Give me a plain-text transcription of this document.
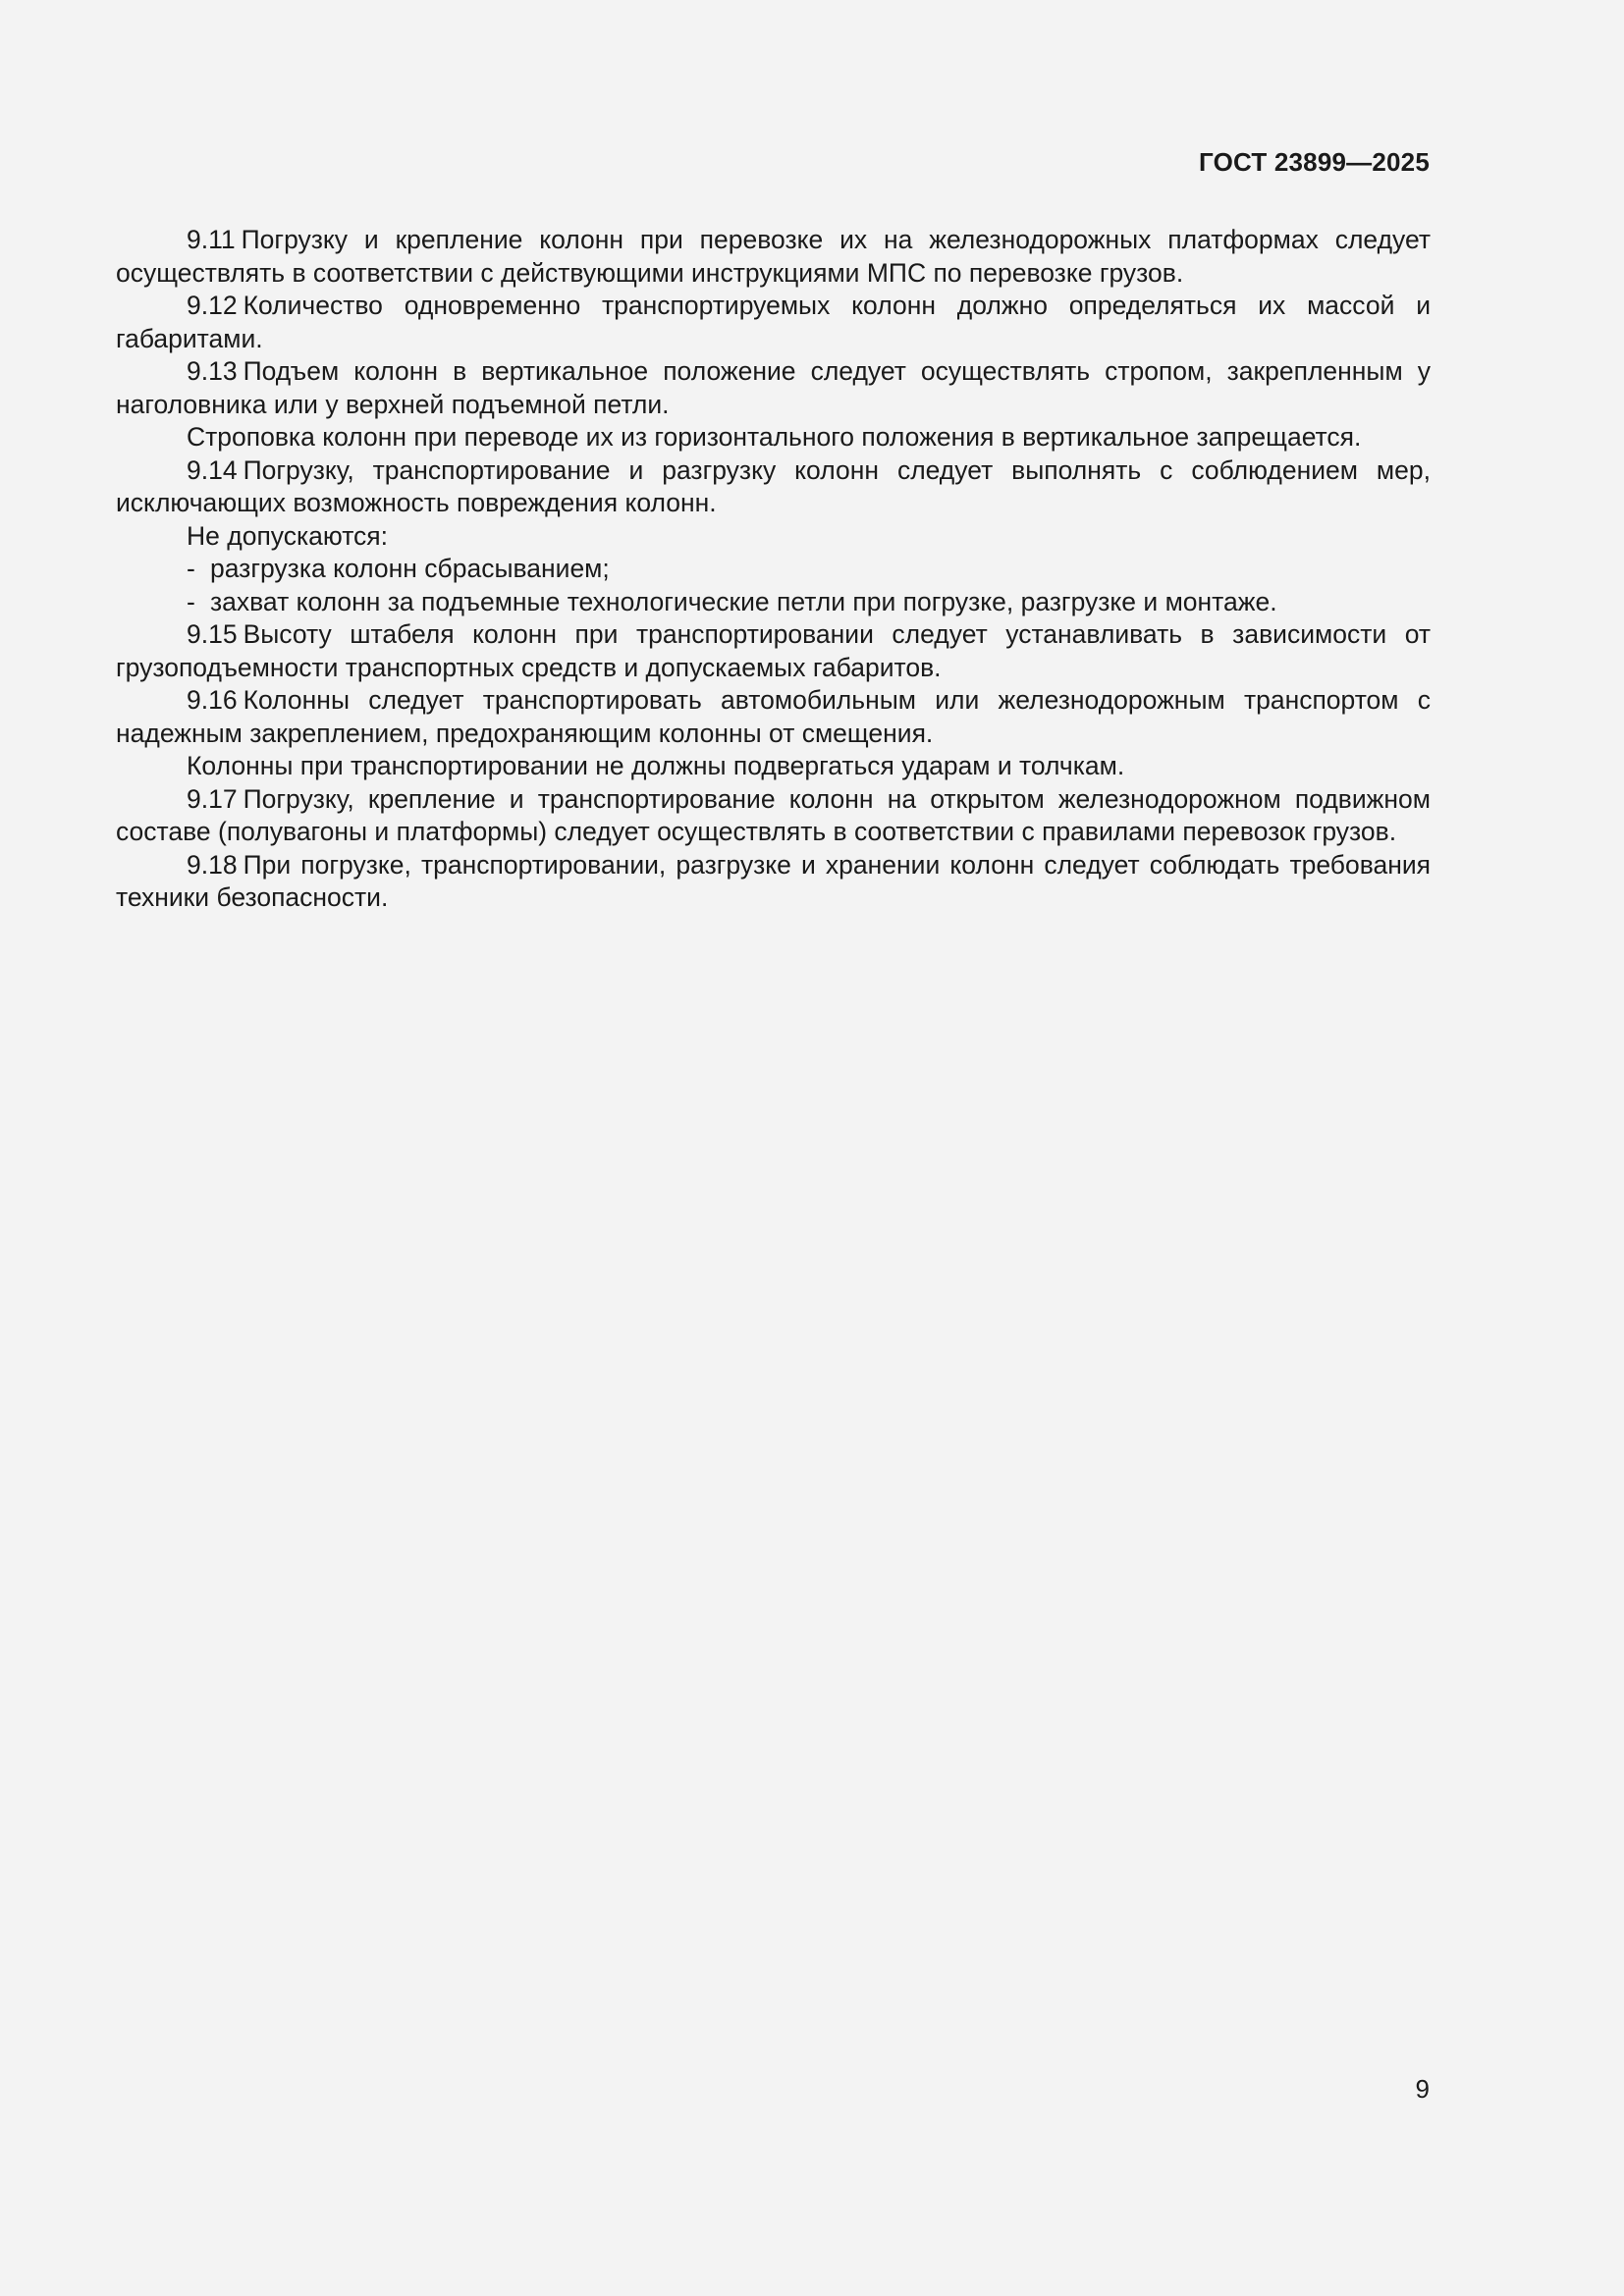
ГОСТ 23899—2025

9.11 Погрузку и крепление колонн при перевозке их на железнодорожных платформах следует осуществлять в соответствии с действующими инструкциями МПС по перевозке грузов.

9.12 Количество одновременно транспортируемых колонн должно определяться их массой и габаритами.

9.13 Подъем колонн в вертикальное положение следует осуществлять стропом, закрепленным у наголовника или у верхней подъемной петли.

Строповка колонн при переводе их из горизонтального положения в вертикальное запрещается.

9.14 Погрузку, транспортирование и разгрузку колонн следует выполнять с соблюдением мер, исключающих возможность повреждения колонн.

Не допускаются:

- разгрузка колонн сбрасыванием;
- захват колонн за подъемные технологические петли при погрузке, разгрузке и монтаже.

9.15 Высоту штабеля колонн при транспортировании следует устанавливать в зависимости от грузоподъемности транспортных средств и допускаемых габаритов.

9.16 Колонны следует транспортировать автомобильным или железнодорожным транспортом с надежным закреплением, предохраняющим колонны от смещения.

Колонны при транспортировании не должны подвергаться ударам и толчкам.

9.17 Погрузку, крепление и транспортирование колонн на открытом железнодорожном подвижном составе (полувагоны и платформы) следует осуществлять в соответствии с правилами перевозок грузов.

9.18 При погрузке, транспортировании, разгрузке и хранении колонн следует соблюдать требования техники безопасности.

9
